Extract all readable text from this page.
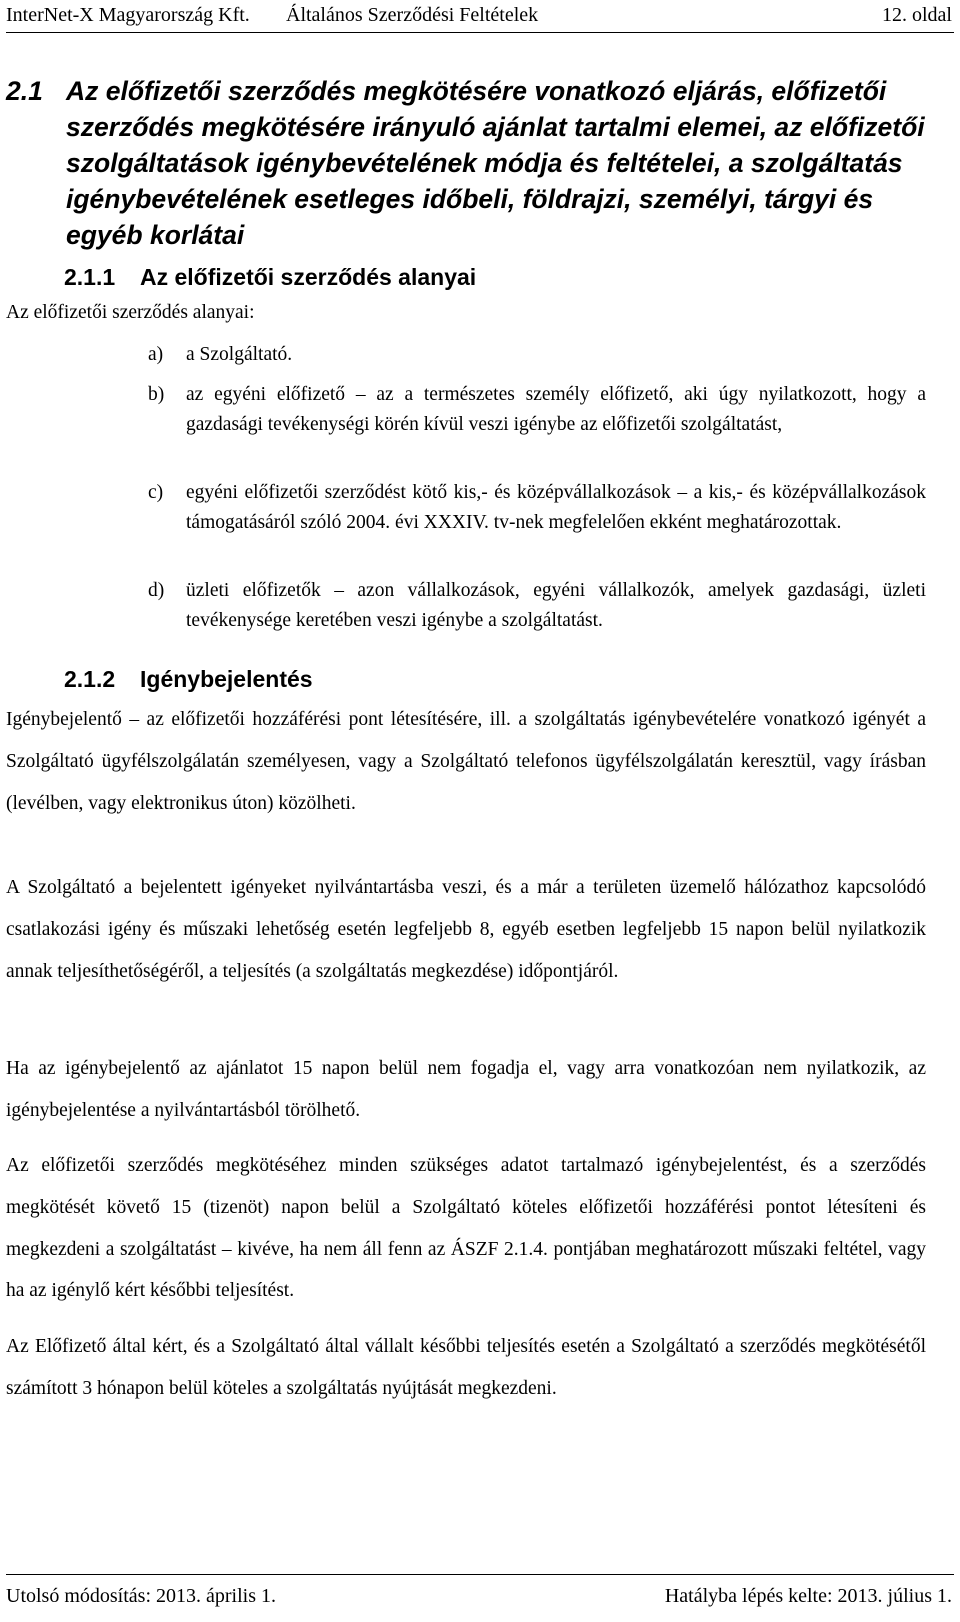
InterNet-X Magyarország Kft. Általános Szerződési Feltételek	12. oldal
2.1 Az előfizetői szerződés megkötésére vonatkozó eljárás, előfizetői szerződés megkötésére irányuló ajánlat tartalmi elemei, az előfizetői szolgáltatások igénybevételének módja és feltételei, a szolgáltatás igénybevételének esetleges időbeli, földrajzi, személyi, tárgyi és egyéb korlátai
2.1.1 Az előfizetői szerződés alanyai
Az előfizetői szerződés alanyai:
a) a Szolgáltató.
b) az egyéni előfizető – az a természetes személy előfizető, aki úgy nyilatkozott, hogy a gazdasági tevékenységi körén kívül veszi igénybe az előfizetői szolgáltatást,
c) egyéni előfizetői szerződést kötő kis,- és középvállalkozások – a kis,- és középvállalkozások támogatásáról szóló 2004. évi XXXIV. tv-nek megfelelően ekként meghatározottak.
d) üzleti előfizetők – azon vállalkozások, egyéni vállalkozók, amelyek gazdasági, üzleti tevékenysége keretében veszi igénybe a szolgáltatást.
2.1.2 Igénybejelentés
Igénybejelentő – az előfizetői hozzáférési pont létesítésére, ill. a szolgáltatás igénybevételére vonatkozó igényét a Szolgáltató ügyfélszolgálatán személyesen, vagy a Szolgáltató telefonos ügyfélszolgálatán keresztül, vagy írásban (levélben, vagy elektronikus úton) közölheti.
A Szolgáltató a bejelentett igényeket nyilvántartásba veszi, és a már a területen üzemelő hálózathoz kapcsolódó csatlakozási igény és műszaki lehetőség esetén legfeljebb 8, egyéb esetben legfeljebb 15 napon belül nyilatkozik annak teljesíthetőségéről, a teljesítés (a szolgáltatás megkezdése) időpontjáról.
Ha az igénybejelentő az ajánlatot 15 napon belül nem fogadja el, vagy arra vonatkozóan nem nyilatkozik, az igénybejelentése a nyilvántartásból törölhető.
Az előfizetői szerződés megkötéséhez minden szükséges adatot tartalmazó igénybejelentést, és a szerződés megkötését követő 15 (tizenöt) napon belül a Szolgáltató köteles előfizetői hozzáférési pontot létesíteni és megkezdeni a szolgáltatást – kivéve, ha nem áll fenn az ÁSZF 2.1.4. pontjában meghatározott műszaki feltétel, vagy ha az igénylő kért későbbi teljesítést.
Az Előfizető által kért, és a Szolgáltató által vállalt későbbi teljesítés esetén a Szolgáltató a szerződés megkötésétől számított 3 hónapon belül köteles a szolgáltatás nyújtását megkezdeni.
Utolsó módosítás: 2013. április 1.	Hatályba lépés kelte: 2013. július 1.
